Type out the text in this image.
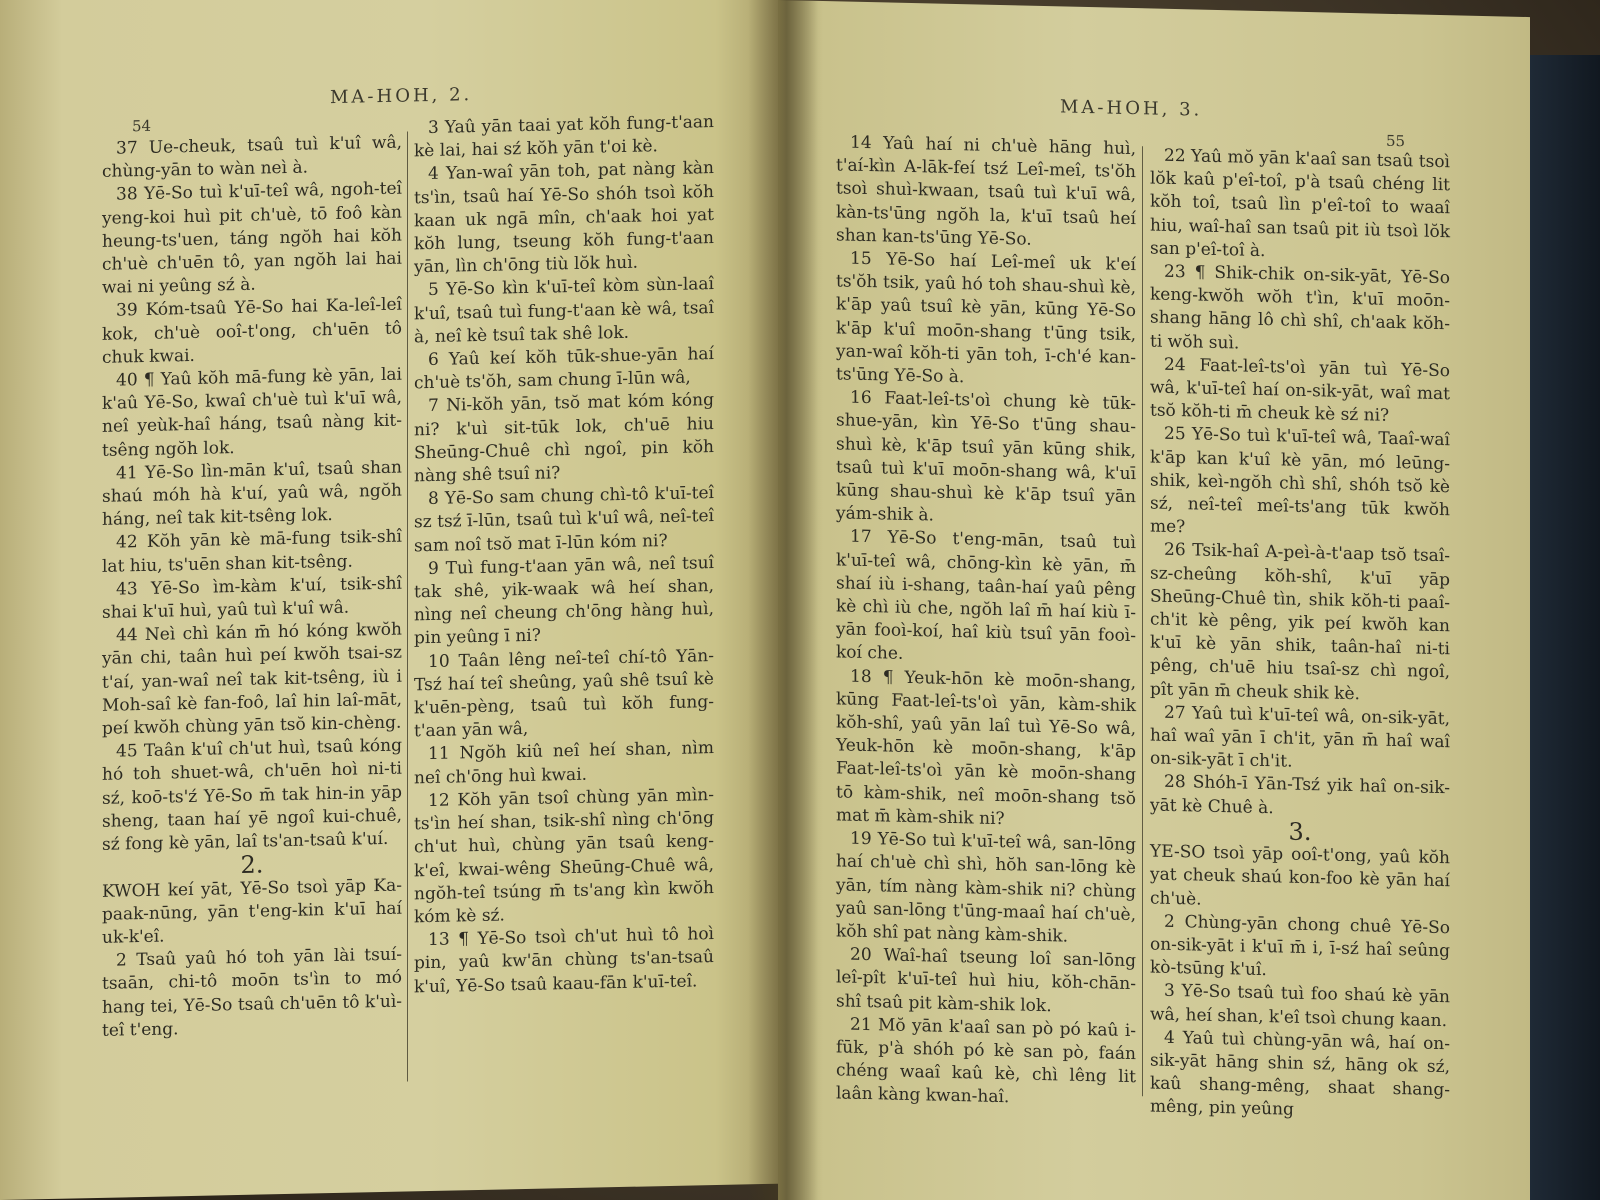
MA-HOH, 2.
54

37 Ue-cheuk, tsaû tuì k'uî wâ, chùng-yān to wàn neì à.

38 Yē-So tuì k'uī-teî wâ, ngoh-teî yeng-koi huì pit ch'uè, tō foô kàn heung-ts'uen, táng ngŏh hai kŏh ch'uè ch'uēn tô, yan ngŏh lai hai wai ni yeûng sź à.

39 Kóm-tsaû Yē-So hai Ka-leî-leî kok, ch'uè ooî-t'ong, ch'uēn tô chuk kwai.

40 ¶ Yaû kŏh mā-fung kè yān, lai k'aû Yē-So, kwaî ch'uè tuì k'uī wâ, neî yeùk-haî háng, tsaû nàng kit-tsêng ngŏh lok.

41 Yē-So lìn-mān k'uî, tsaû shan shaú móh hà k'uí, yaû wâ, ngŏh háng, neî tak kit-tsêng lok.

42 Kŏh yān kè mā-fung tsik-shî lat hiu, ts'uēn shan kit-tsêng.

43 Yē-So ìm-kàm k'uí, tsik-shî shai k'uī huì, yaû tuì k'uî wâ.

44 Neì chì kán m̄ hó kóng kwŏh yān chi, taân huì peí kwŏh tsai-sz t'aí, yan-waî neî tak kit-tsêng, iù i Moh-saî kè fan-foô, laî hin laî-māt, peí kwŏh chùng yān tsŏ kin-chèng.

45 Taân k'uî ch'ut huì, tsaû kóng hó toh shuet-wâ, ch'uēn hoì ni-ti sź, koō-ts'ź Yē-So m̄ tak hin-in yāp sheng, taan haí yē ngoî kui-chuê, sź fong kè yān, laî ts'an-tsaû k'uí.

2.

KWOH keí yāt, Yē-So tsoì yāp Ka-paak-nūng, yān t'eng-kin k'uī haí uk-k'eî.

2 Tsaû yaû hó toh yān lài tsuí-tsaān, chi-tô moōn ts'ìn to mó hang tei, Yē-So tsaû ch'uēn tô k'uì-teî t'eng.

3 Yaû yān taai yat kŏh fung-t'aan kè lai, hai sź kŏh yān t'oi kè.

4 Yan-waî yān toh, pat nàng kàn ts'ìn, tsaû haí Yē-So shóh tsoì kŏh kaan uk ngā mîn, ch'aak hoi yat kŏh lung, tseung kŏh fung-t'aan yān, lìn ch'ōng tiù lŏk huì.

5 Yē-So kìn k'uī-teî kòm sùn-laaî k'uî, tsaû tuì fung-t'aan kè wâ, tsaî à, neî kè tsuî tak shê lok.

6 Yaû keí kŏh tūk-shue-yān haí ch'uè ts'ŏh, sam chung ī-lūn wâ,

7 Ni-kŏh yān, tsŏ mat kóm kóng ni? k'uì sit-tūk lok, ch'uē hiu Sheūng-Chuê chì ngoî, pin kŏh nàng shê tsuî ni?

8 Yē-So sam chung chì-tô k'uī-teî sz tsź ī-lūn, tsaû tuì k'uî wâ, neî-teî sam noî tsŏ mat ī-lūn kóm ni?

9 Tuì fung-t'aan yān wâ, neî tsuî tak shê, yik-waak wâ heí shan, nìng neî cheung ch'ōng hàng huì, pin yeûng ī ni?

10 Taân lêng neî-teî chí-tô Yān-Tsź haí teî sheûng, yaû shê tsuî kè k'uēn-pèng, tsaû tuì kŏh fung-t'aan yān wâ,

11 Ngŏh kiû neî heí shan, nìm neî ch'ōng huì kwai.

12 Kŏh yān tsoî chùng yān mìn-ts'ìn heí shan, tsik-shî nìng ch'ōng ch'ut huì, chùng yān tsaû keng-k'eî, kwai-wêng Sheūng-Chuê wâ, ngŏh-teî tsúng m̄ ts'ang kìn kwŏh kóm kè sź.

13 ¶ Yē-So tsoì ch'ut huì tô hoì pin, yaû kw'ān chùng ts'an-tsaû k'uî, Yē-So tsaû kaau-fān k'uī-teî.

MA-HOH, 3.
55

14 Yaû haí ni ch'uè hāng huì, t'aí-kìn A-lāk-feí tsź Leî-meî, ts'ŏh tsoì shuì-kwaan, tsaû tuì k'uī wâ, kàn-ts'ūng ngŏh la, k'uī tsaû heí shan kan-ts'ūng Yē-So.

15 Yē-So haí Leî-meî uk k'eí ts'ŏh tsik, yaû hó toh shau-shuì kè, k'āp yaû tsuî kè yān, kūng Yē-So k'āp k'uî moōn-shang t'ūng tsik, yan-waî kŏh-ti yān toh, ī-ch'é kan-ts'ūng Yē-So à.

16 Faat-leî-ts'oì chung kè tūk-shue-yān, kìn Yē-So t'ūng shau-shuì kè, k'āp tsuî yān kūng shik, tsaû tuì k'uī moōn-shang wâ, k'uī kūng shau-shuì kè k'āp tsuî yān yám-shik à.

17 Yē-So t'eng-mān, tsaû tuì k'uī-teî wâ, chōng-kìn kè yān, m̄ shaí iù i-shang, taân-haí yaû pêng kè chì iù che, ngŏh laî m̄ haí kiù ī-yān fooì-koí, haî kiù tsuî yān fooì-koí che.

18 ¶ Yeuk-hōn kè moōn-shang, kūng Faat-leî-ts'oì yān, kàm-shik kŏh-shî, yaû yān laî tuì Yē-So wâ, Yeuk-hōn kè moōn-shang, k'āp Faat-leî-ts'oì yān kè moōn-shang tō kàm-shik, neî moōn-shang tsŏ mat m̄ kàm-shik ni?

19 Yē-So tuì k'uī-teî wâ, san-lōng haí ch'uè chì shì, hŏh san-lōng kè yān, tím nàng kàm-shik ni? chùng yaû san-lōng t'ūng-maaî haí ch'uè, kŏh shî pat nàng kàm-shik.

20 Waî-haî tseung loî san-lōng leî-pît k'uī-teî huì hiu, kŏh-chān-shî tsaû pit kàm-shik lok.

21 Mŏ yān k'aaî san pò pó kaû i-fūk, p'à shóh pó kè san pò, faán chéng waaî kaû kè, chì lêng lit laân kàng kwan-haî.

22 Yaû mŏ yān k'aaî san tsaû tsoì lŏk kaû p'eî-toî, p'à tsaû chéng lit kŏh toî, tsaû lìn p'eî-toî to waaî hiu, waî-haî san tsaû pit iù tsoì lŏk san p'eî-toî à.

23 ¶ Shik-chik on-sik-yāt, Yē-So keng-kwŏh wŏh t'ìn, k'uī moōn-shang hāng lô chì shî, ch'aak kŏh-ti wŏh suì.

24 Faat-leî-ts'oì yān tuì Yē-So wâ, k'uī-teî haí on-sik-yāt, waî mat tsŏ kŏh-ti m̄ cheuk kè sź ni?

25 Yē-So tuì k'uī-teî wâ, Taaî-waî k'āp kan k'uî kè yān, mó leūng-shik, keì-ngŏh chì shî, shóh tsŏ kè sź, neî-teî meî-ts'ang tūk kwŏh me?

26 Tsik-haî A-peì-à-t'aap tsŏ tsaî-sz-cheûng kŏh-shî, k'uī yāp Sheūng-Chuê tìn, shik kŏh-ti paaî-ch'it kè pêng, yik peí kwŏh kan k'uī kè yān shik, taân-haî ni-ti pêng, ch'uē hiu tsaî-sz chì ngoî, pît yān m̄ cheuk shik kè.

27 Yaû tuì k'uī-teî wâ, on-sik-yāt, haî waî yān ī ch'it, yān m̄ haî waî on-sik-yāt ī ch'it.

28 Shóh-ī Yān-Tsź yik haî on-sik-yāt kè Chuê à.

3.

YE-SO tsoì yāp ooî-t'ong, yaû kŏh yat cheuk shaú kon-foo kè yān haí ch'uè.

2 Chùng-yān chong chuê Yē-So on-sik-yāt i k'uī m̄ i, ī-sź haî seûng kò-tsūng k'uî.

3 Yē-So tsaû tuì foo shaú kè yān wâ, heí shan, k'eî tsoì chung kaan.

4 Yaû tuì chùng-yān wâ, haí on-sik-yāt hāng shin sź, hāng ok sź, kaû shang-mêng, shaat shang-mêng, pin yeûng
